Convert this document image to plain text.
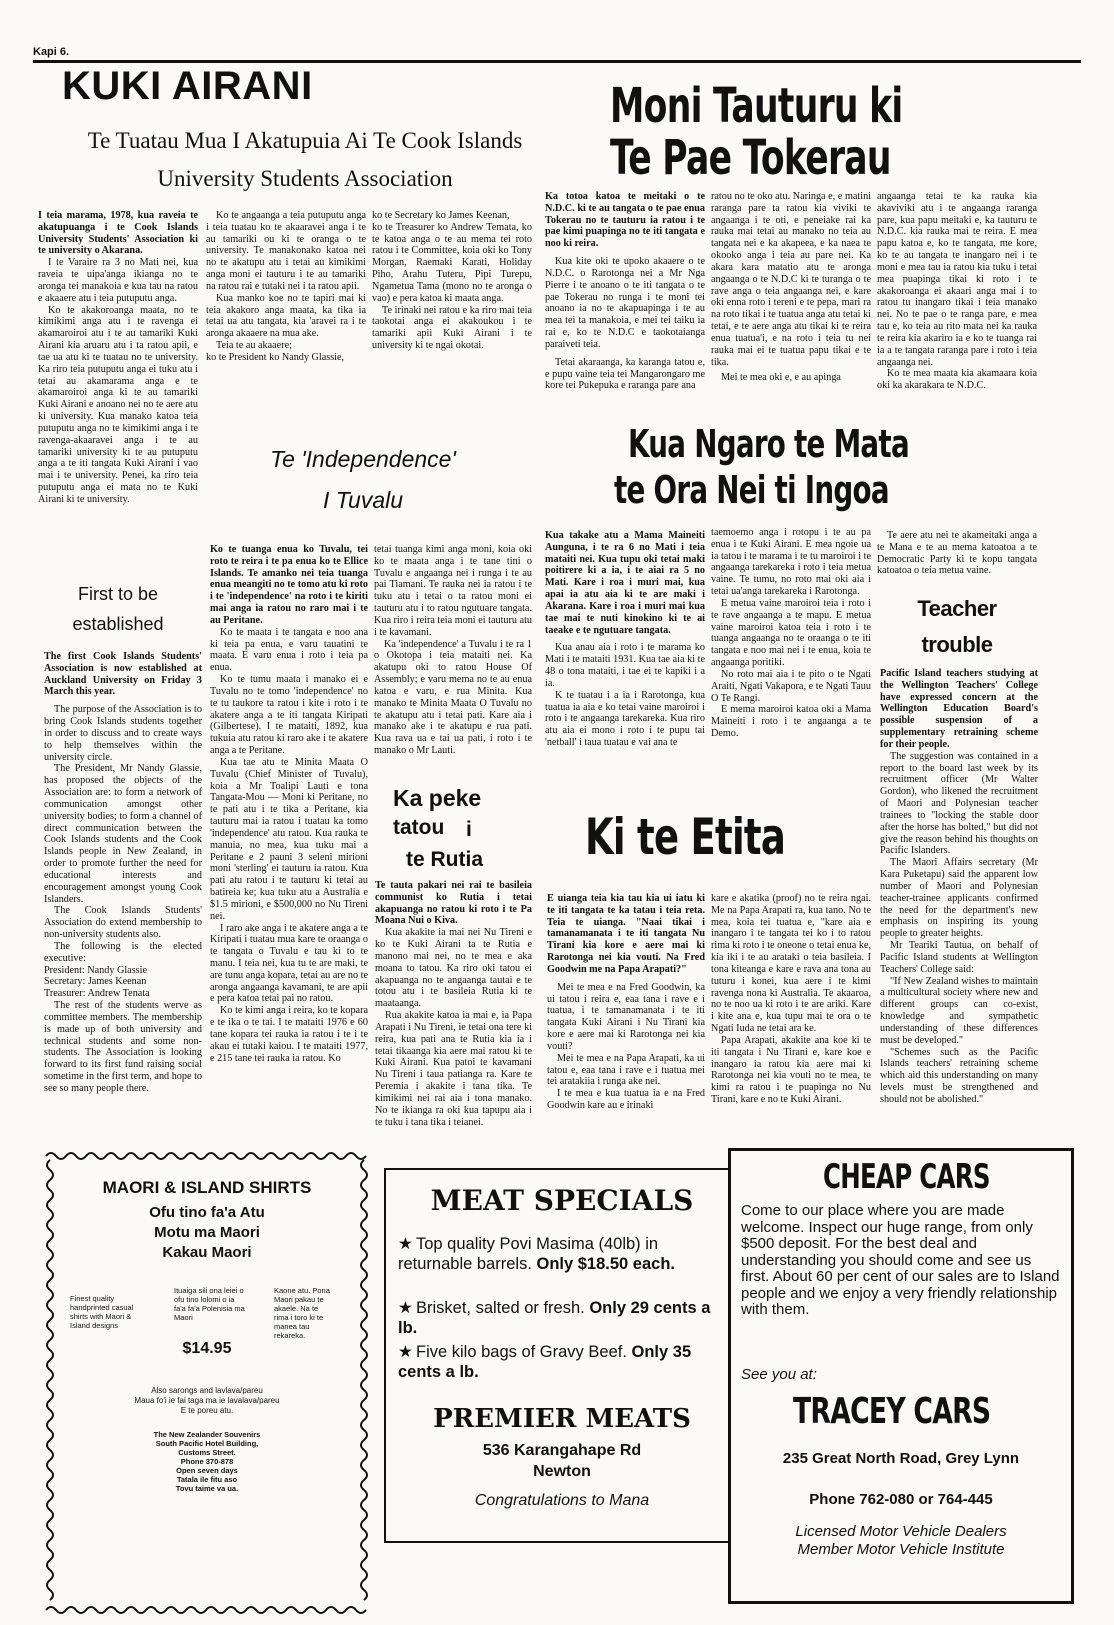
Kapi 6.
KUKI AIRANI
Te Tuatau Mua I Akatupuia Ai Te Cook Islands University Students Association

I teia marama, 1978, kua raveia te akatupuanga i te Cook Islands University Students' Association ki te university o Akarana.

I te Varaire ra 3 no Mati nei, kua raveia te uipa'anga ikianga no te aronga tei manakoia e kua tau na ratou e akaaere atu i teia putuputu anga.

Ko te akakoroanga maata, no te kimikimi anga atu i te ravenga ei akamaroiroi atu i te au tamariki Kuki Airani kia aruaru atu i ta ratou apii, e tae ua atu ki te tuatau no te university. Ka riro teia putuputu anga ei tuku atu i tetai au akamarama anga e te akamaroiroi anga ki te au tamariki Kuki Airani e anoano nei no te aere atu ki university. Kua manako katoa teia putuputu anga no te kimikimi anga i te ravenga-akaaravei anga i te au tamariki university ki te au putuputu anga a te iti tangata Kuki Airani i vao mai i te university. Penei, ka riro teia putuputu anga ei mata no te Kuki Airani ki te university.

Ko te angaanga a teia putuputu anga i teia tuatau ko te akaaravei anga i te au tamariki ou ki te oranga o te university. Te manakonako katoa nei no te akatupu atu i tetai au kimikimi anga moni ei tauturu i te au tamariki na ratou rai e tutaki nei i ta ratou apii.

Kua manko koe no te tapiri mai ki teia akakoro anga maata, ka tika ia tetai ua atu tangata, kia 'aravei ra i te aronga akaaere na mua ake.

Teia te au akaaere;

ko te President ko Nandy Glassie,

ko te Secretary ko James Keenan,

ko te Treasurer ko Andrew Temata, ko te katoa anga o te au mema tei roto ratou i te Committee, koia oki ko Tony Morgan, Raemaki Karati, Holiday Piho, Arahu Tuteru, Pipi Turepu, Ngametua Tama (mono no te aronga o vao) e pera katoa ki maata anga.

Te irinaki nei ratou e ka riro mai teia taokotai anga ei akakoukou i te tamariki apii Kuki Airani i te university ki te ngai okotai.

First to be
established

The first Cook Islands Students' Association is now established at Auckland University on Friday 3 March this year.

The purpose of the Association is to bring Cook Islands students together in order to discuss and to create ways to help themselves within the university circle.

The President, Mr Nandy Glassie, has proposed the objects of the Association are: to form a network of communication amongst other university bodies; to form a channel of direct communication between the Cook Islands students and the Cook Islands people in New Zealand, in order to promote further the need for educational interests and encouragement amongst young Cook Islanders.

The Cook Islands Students' Association do extend membership to non-university students also.

The following is the elected executive:

President: Nandy Glassie

Secretary: James Keenan

Treasurer: Andrew Tenata

The rest of the students werve as committee members. The membership is made up of both university and technical students and some non-students. The Association is looking forward to its first fund raising social sometime in the first term, and hope to see so many people there.

Te 'Independence'
I Tuvalu

Ko te tuanga enua ko Tuvalu, tei roto te reira i te pa enua ko te Ellice Islands. Te amanko nei teia tuanga enua meangiti no te tomo atu ki roto i te 'independence' na roto i te kiriti mai anga ia ratou no raro mai i te au Peritane.

Ko te maata i te tangata e noo ana ki teia pa enua, e varu tauatini te maata. E varu enua i roto i teia pa enua.

Ko te tumu maata i manako ei e Tuvalu no te tomo 'independence' no te tu taukore ta ratou i kite i roto i te akatere anga a te iti tangata Kiripati (Gilbertese). I te mataiti, 1892, kua tukuia atu ratou ki raro ake i te akatere anga a te Peritane.

Kua tae atu te Minita Maata O Tuvalu (Chief Minister of Tuvalu), koia a Mr Toalipi Lauti e tona Tangata-Mou — Moni ki Peritane, no te pati atu i te tika a Peritane, kia tauturu mai ia ratou i tuatau ka tomo 'independence' atu ratou. Kua rauka te manuia, no mea, kua tuku mai a Peritane e 2 pauni 3 seleni mirioni moni 'sterling' ei tauturu ia ratou. Kua pati atu ratou i te tauturu ki tetai au batireia ke; kua tuku atu a Australia e $1.5 mirioni, e $500,000 no Nu Tireni nei.

I raro ake anga i te akatere anga a te Kiripati i tuatau mua kare te oraanga o te tangata o Tuvalu e tau ki to te manu. I teia nei, kua tu te are maki, te are tunu anga kopara, tetai au are no te aronga angaanga kavamani, te are apii e pera katoa tetai pai no ratou.

Ko te kimi anga i reira, ko te kopara e te ika o te tai. I te mataiti 1976 e 60 tane kopara tei rauka ia ratou i te i te akau ei tutaki kaiou. I te mataiti 1977, e 215 tane tei rauka ia ratou. Ko

tetai tuanga kimi anga moni, koia oki ko te maata anga i te tane tini o Tuvalu e angaanga nei i runga i te au pai Tiamani. Te rauka nei ia ratou i te tuku atu i tetai o ta ratou moni ei tauturu atu i to ratou ngutuare tangata. Kua riro i reira teia moni ei tauturu atu i te kavamani.

Ka 'independence' a Tuvalu i te ra 1 o Okotopa i teia mataiti nei. Ka akatupu oki to ratou House Of Assembly; e varu mema no te au enua katoa e varu, e rua Minita. Kua manako te Minita Maata O Tuvalu no te akatupu atu i tetai pati. Kare aia i manako ake i te akatupu e rua pati. Kua rava ua e tai ua pati, i roto i te manako o Mr Lauti.

Ka peke
tatou i
te Rutia

Te tauta pakari nei rai te basileia communist ko Rutia i tetai akapuanga no ratou ki roto i te Pa Moana Nui o Kiva.

Kua akakite ia mai nei Nu Tireni e ko te Kuki Airani ta te Rutia e manono mai nei, no te mea e aka moana to tatou. Ka riro oki tatou ei akapuanga no te angaanga tautai e te totou atu i te basileia Rutia ki te maataanga.

Rua akakite katoa ia mai e, ia Papa Arapati i Nu Tireni, ie tetai ona tere ki reira, kua pati ana te Rutia kia ia i tetai tikaanga kia aere mai ratou ki te Kuki Airani. Kua patoi te kavamani Nu Tireni i taua patianga ra. Kare te Peremia i akakite i tana tika. Te kimikimi nei rai aia i tona manako. No te ikianga ra oki kua tapupu aia i te tuku i tana tika i teianei.

Moni Tauturu ki
Te Pae Tokerau

Ka totoa katoa te meitaki o te N.D.C. ki te au tangata o te pae enua Tokerau no te tauturu ia ratou i te pae kimi puapinga no te iti tangata e noo ki reira.

Kua kite oki te upoko akaaere o te N.D.C. o Rarotonga nei a Mr Nga Pierre i te anoano o te iti tangata o te pae Tokerau no runga i te moni tei anoano ia no te akapuapinga i te au mea tei ta manakoia, e mei tei taiku ia rai e, ko te N.D.C e taokotaianga paraiveti teia.

Tetai akaraanga, ka karanga tatou e, e pupu vaine teia tei Mangarongaro me kore tei Pukepuka e raranga pare ana

ratou no te oko atu. Naringa e, e matini raranga pare ta ratou kia viviki te angaanga i te oti, e peneiake rai ka rauka mai tetai au manako no teia au tangata nei e ka akapeea, e ka naea te okooko anga i teia au pare nei. Ka akara kara matatio atu te aronga angaanga o te N.D.C ki te turanga o te rave anga o teia angaanga nei, e kare oki enna roto i tereni e te pepa, mari ra na roto tikai i te tuatua anga atu tetai ki tetai, e te aere anga atu tikai ki te reira enua tuatua'i, e na roto i teia tu nei rauka mai ei te tuatua papu tikai e te tika.

Mei te mea oki e, e au apinga

angaanga tetai te ka rauka kia akaviviki atu i te angaanga raranga pare, kua papu meitaki e, ka tauturu te N.D.C. kia rauka mai te reira. E mea papu katoa e, ko te tangata, me kore, ko te au tangata te inangaro nei i te moni e mea tau ia ratou kia tuku i tetai mea puapinga tikai ki roto i te akakoroanga ei akaari anga mai i to ratou tu inangaro tikai i teia manako nei. No te pae o te ranga pare, e mea tau e, ko teia au rito mata nei ka rauka te reira kia akariro ia e ko te tuanga rai ia a te tangata raranga pare i roto i teia angaanga nei.

Ko te mea maata kia akamaara koia oki ka akarakara te N.D.C.

Kua Ngaro te Mata
te Ora Nei ti Ingoa

Kua takake atu a Mama Maineiti Aunguna, i te ra 6 no Mati i teia mataiti nei. Kua tupu oki tetai maki poitirere ki a ia, i te aiai ra 5 no Mati. Kare i roa i muri mai, kua apai ia atu aia ki te are maki i Akarana. Kare i roa i muri mai kua tae mai te nuti kinokino ki te ai taeake e te ngutuare tangata.

Kua anau aia i roto i te marama ko Mati i te mataiti 1931. Kua tae aia ki te 48 o tona mataiti, i tae ei te kapiki i a ia.

K te tuatau i a ia i Rarotonga, kua tuatua ia aia e ko tetai vaine maroiroi i roto i te angaanga tarekareka. Kua riro atu aia ei mono i roto i te pupu tai 'netball' i taua tuatau e vai ana te

taemoemo anga i rotopu i te au pa enua i te Kuki Airani. E mea ngoie ua ia tatou i te marama i te tu maroiroi i te angaanga tarekareka i roto i teia metua vaine. Te tumu, no roto mai oki aia i tetai ua'anga tarekareka i Rarotonga.

E metua vaine maroiroi teia i roto i te rave angaanga a te mapu. E metua vaine maroiroi katoa teia i roto i te tuanga angaanga no te oraanga o te iti tangata e noo mai nei i te enua, koia te angaanga poritiki.

No roto mai aia i te pito o te Ngati Araiti, Ngati Vakapora, e te Ngati Tauu O Te Rangi.

E mema maroiroi katoa oki a Mama Maineiti i roto i te angaanga a te Demo.

Te aere atu nei te akameitaki anga a te Mana e te au mema katoatoa a te Democratic Party ki te kopu tangata katoatoa o teia metua vaine.

Teacher
trouble

Pacific Island teachers studying at the Wellington Teachers' College have expressed concern at the Wellington Education Board's possible suspension of a supplementary retraining scheme for their people.

The suggestion was contained in a report to the board last week by its recruitment officer (Mr Walter Gordon), who likened the recruitment of Maori and Polynesian teacher trainees to "locking the stable door after the horse has bolted," but did not give the reason behind his thoughts on Pacific Islanders.

The Maori Affairs secretary (Mr Kara Puketapu) said the apparent low number of Maori and Polynesian teacher-trainee applicants confirmed the need for the department's new emphasis on inspiring its young people to greater heights.

Mr Teariki Tautua, on behalf of Pacific Island students at Wellington Teachers' College said:

"If New Zealand wishes to maintain a multicultural society where new and different groups can co-exist, knowledge and sympathetic understanding of these differences must be developed."

"Schemes such as the Pacific Islands teachers' retraining scheme which aid this understanding on many levels must be strengthened and should not be abolished."

Ki te Etita

E uianga teia kia tau kia ui iatu ki te iti tangata te ka tatau i teia reta. Teia te uianga. "Naai tikai i tamanamanata i te iti tangata Nu Tirani kia kore e aere mai ki Rarotonga nei kia vouti. Na Fred Goodwin me na Papa Arapati?"

Mei te mea e na Fred Goodwin, ka ui tatou i reira e, eaa tana i rave e i tuatua, i te tamanamanata i te iti tangata Kuki Airani i Nu Tirani kia kore e aere mai ki Rarotonga nei kia vouti?

Mei te mea e na Papa Arapati, ka ui tatou e, eaa tana i rave e i tuatua mei tei aratakiia i runga ake nei.

I te mea e kua tuatua ia e na Fred Goodwin kare au e irinaki

kare e akatika (proof) no te reira ngai. Me na Papa Arapati ra, kua tano. No te mea, koia tei tuatua e, "kare aia e inangaro i te tangata tei ko i to ratou rima ki roto i te oneone o tetai enua ke, kia iki i te au arataki o teia basileia. I tona kiteanga e kare e rava ana tona au tuturu i konei, kua aere i te kimi ravenga nona ki Australia. Te akaaroa, no te noo ua ki roto i te are ariki. Kare i kite ana e, kua tupu mai te ora o te Ngati Iuda ne tetai ara ke.

Papa Arapati, akakite ana koe ki te iti tangata i Nu Tirani e, kare koe e inangaro ia ratou kia aere mai ki Rarotonga nei kia vouti no te mea, te kimi ra ratou i te puapinga no Nu Tirani, kare e no te Kuki Airani.

MAORI & ISLAND SHIRTS
Ofu tino fa'a Atu
Motu ma Maori
Kakau Maori
Finest quality handprinted casual shirts with Maori & Island designs
Ituaiga sili ona leiei o ofu tino lolomi o ia fa'a fa'a Polenisia ma Maori
Kaone atu. Pona Maori pakau te akaele. Na te rima i toro ki te manea tau rekareka.
$14.95
Also sarongs and lavlava/pareu
Maua fo'i ie fai taga ma ie lavalava/pareu
E te poreu atu.
The New Zealander Souvenirs
South Pacific Hotel Building,
Customs Street.
Phone 370-878
Open seven days
Tatala ile fitu aso
Tovu taime va ua.
MEAT SPECIALS
★ Top quality Povi Masima (40lb) in returnable barrels. Only $18.50 each.
★ Brisket, salted or fresh. Only 29 cents a lb.
★ Five kilo bags of Gravy Beef. Only 35 cents a lb.
PREMIER MEATS
536 Karangahape Rd
Newton
Congratulations to Mana
CHEAP CARS
Come to our place where you are made welcome. Inspect our huge range, from only $500 deposit. For the best deal and understanding you should come and see us first. About 60 per cent of our sales are to Island people and we enjoy a very friendly relationship with them.
See you at:
TRACEY CARS
235 Great North Road, Grey Lynn
Phone 762-080 or 764-445
Licensed Motor Vehicle Dealers
Member Motor Vehicle Institute
